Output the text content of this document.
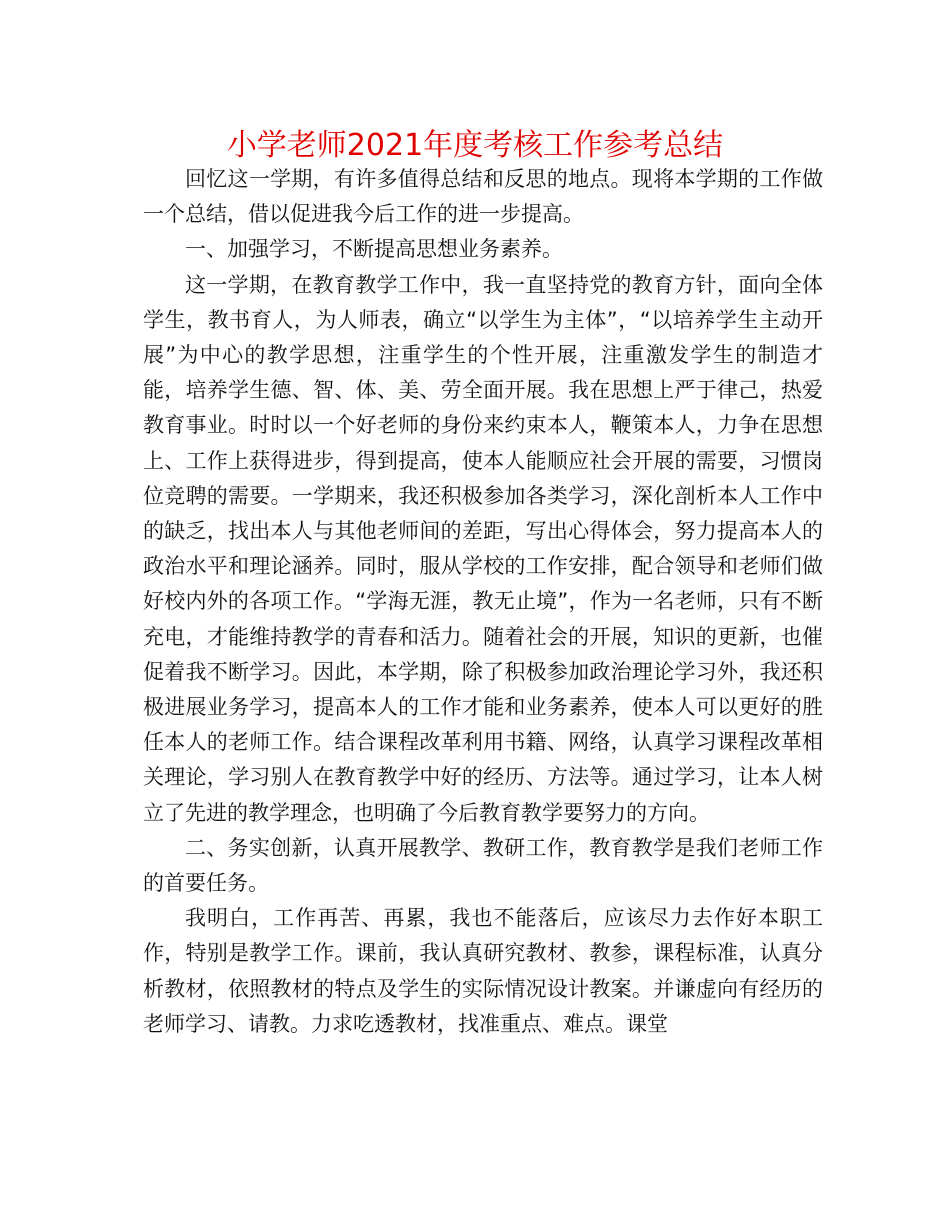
小学老师2021年度考核工作参考总结

回忆这一学期，有许多值得总结和反思的地点。现将本学期的工作做一个总结，借以促进我今后工作的进一步提高。

一、加强学习，不断提高思想业务素养。

这一学期，在教育教学工作中，我一直坚持党的教育方针，面向全体学生，教书育人，为人师表，确立“以学生为主体”，“以培养学生主动开展”为中心的教学思想，注重学生的个性开展，注重激发学生的制造才能，培养学生德、智、体、美、劳全面开展。我在思想上严于律己，热爱教育事业。时时以一个好老师的身份来约束本人，鞭策本人，力争在思想上、工作上获得进步，得到提高，使本人能顺应社会开展的需要，习惯岗位竞聘的需要。一学期来，我还积极参加各类学习，深化剖析本人工作中的缺乏，找出本人与其他老师间的差距，写出心得体会，努力提高本人的政治水平和理论涵养。同时，服从学校的工作安排，配合领导和老师们做好校内外的各项工作。“学海无涯，教无止境”，作为一名老师，只有不断充电，才能维持教学的青春和活力。随着社会的开展，知识的更新，也催促着我不断学习。因此，本学期，除了积极参加政治理论学习外，我还积极进展业务学习，提高本人的工作才能和业务素养，使本人可以更好的胜任本人的老师工作。结合课程改革利用书籍、网络，认真学习课程改革相关理论，学习别人在教育教学中好的经历、方法等。通过学习，让本人树立了先进的教学理念，也明确了今后教育教学要努力的方向。

二、务实创新，认真开展教学、教研工作，教育教学是我们老师工作的首要任务。

我明白，工作再苦、再累，我也不能落后，应该尽力去作好本职工作，特别是教学工作。课前，我认真研究教材、教参，课程标准，认真分析教材，依照教材的特点及学生的实际情况设计教案。并谦虚向有经历的老师学习、请教。力求吃透教材，找准重点、难点。课堂
